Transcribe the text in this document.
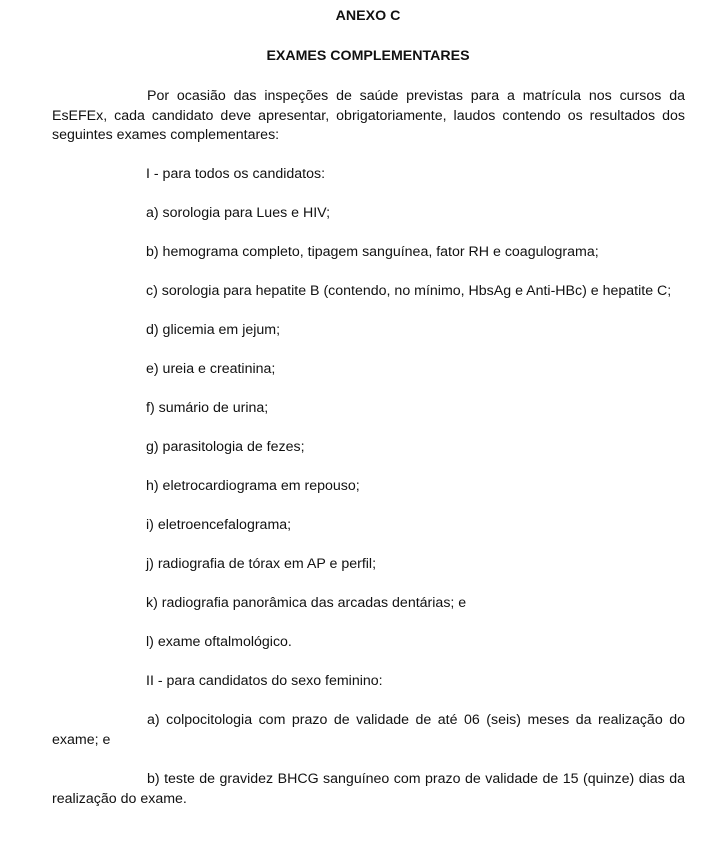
ANEXO C

EXAMES COMPLEMENTARES

Por ocasião das inspeções de saúde previstas para a matrícula nos cursos da EsEFEx, cada candidato deve apresentar, obrigatoriamente, laudos contendo os resultados dos seguintes exames complementares:

I - para todos os candidatos:

a) sorologia para Lues e HIV;

b) hemograma completo, tipagem sanguínea, fator RH e coagulograma;

c) sorologia para hepatite B (contendo, no mínimo, HbsAg e Anti-HBc) e hepatite C;

d) glicemia em jejum;

e) ureia e creatinina;

f) sumário de urina;

g) parasitologia de fezes;

h) eletrocardiograma em repouso;

i) eletroencefalograma;

j) radiografia de tórax em AP e perfil;

k) radiografia panorâmica das arcadas dentárias; e

l) exame oftalmológico.

II - para candidatos do sexo feminino:

a) colpocitologia com prazo de validade de até 06 (seis) meses da realização do exame; e

b) teste de gravidez BHCG sanguíneo com prazo de validade de 15 (quinze) dias da realização do exame.
